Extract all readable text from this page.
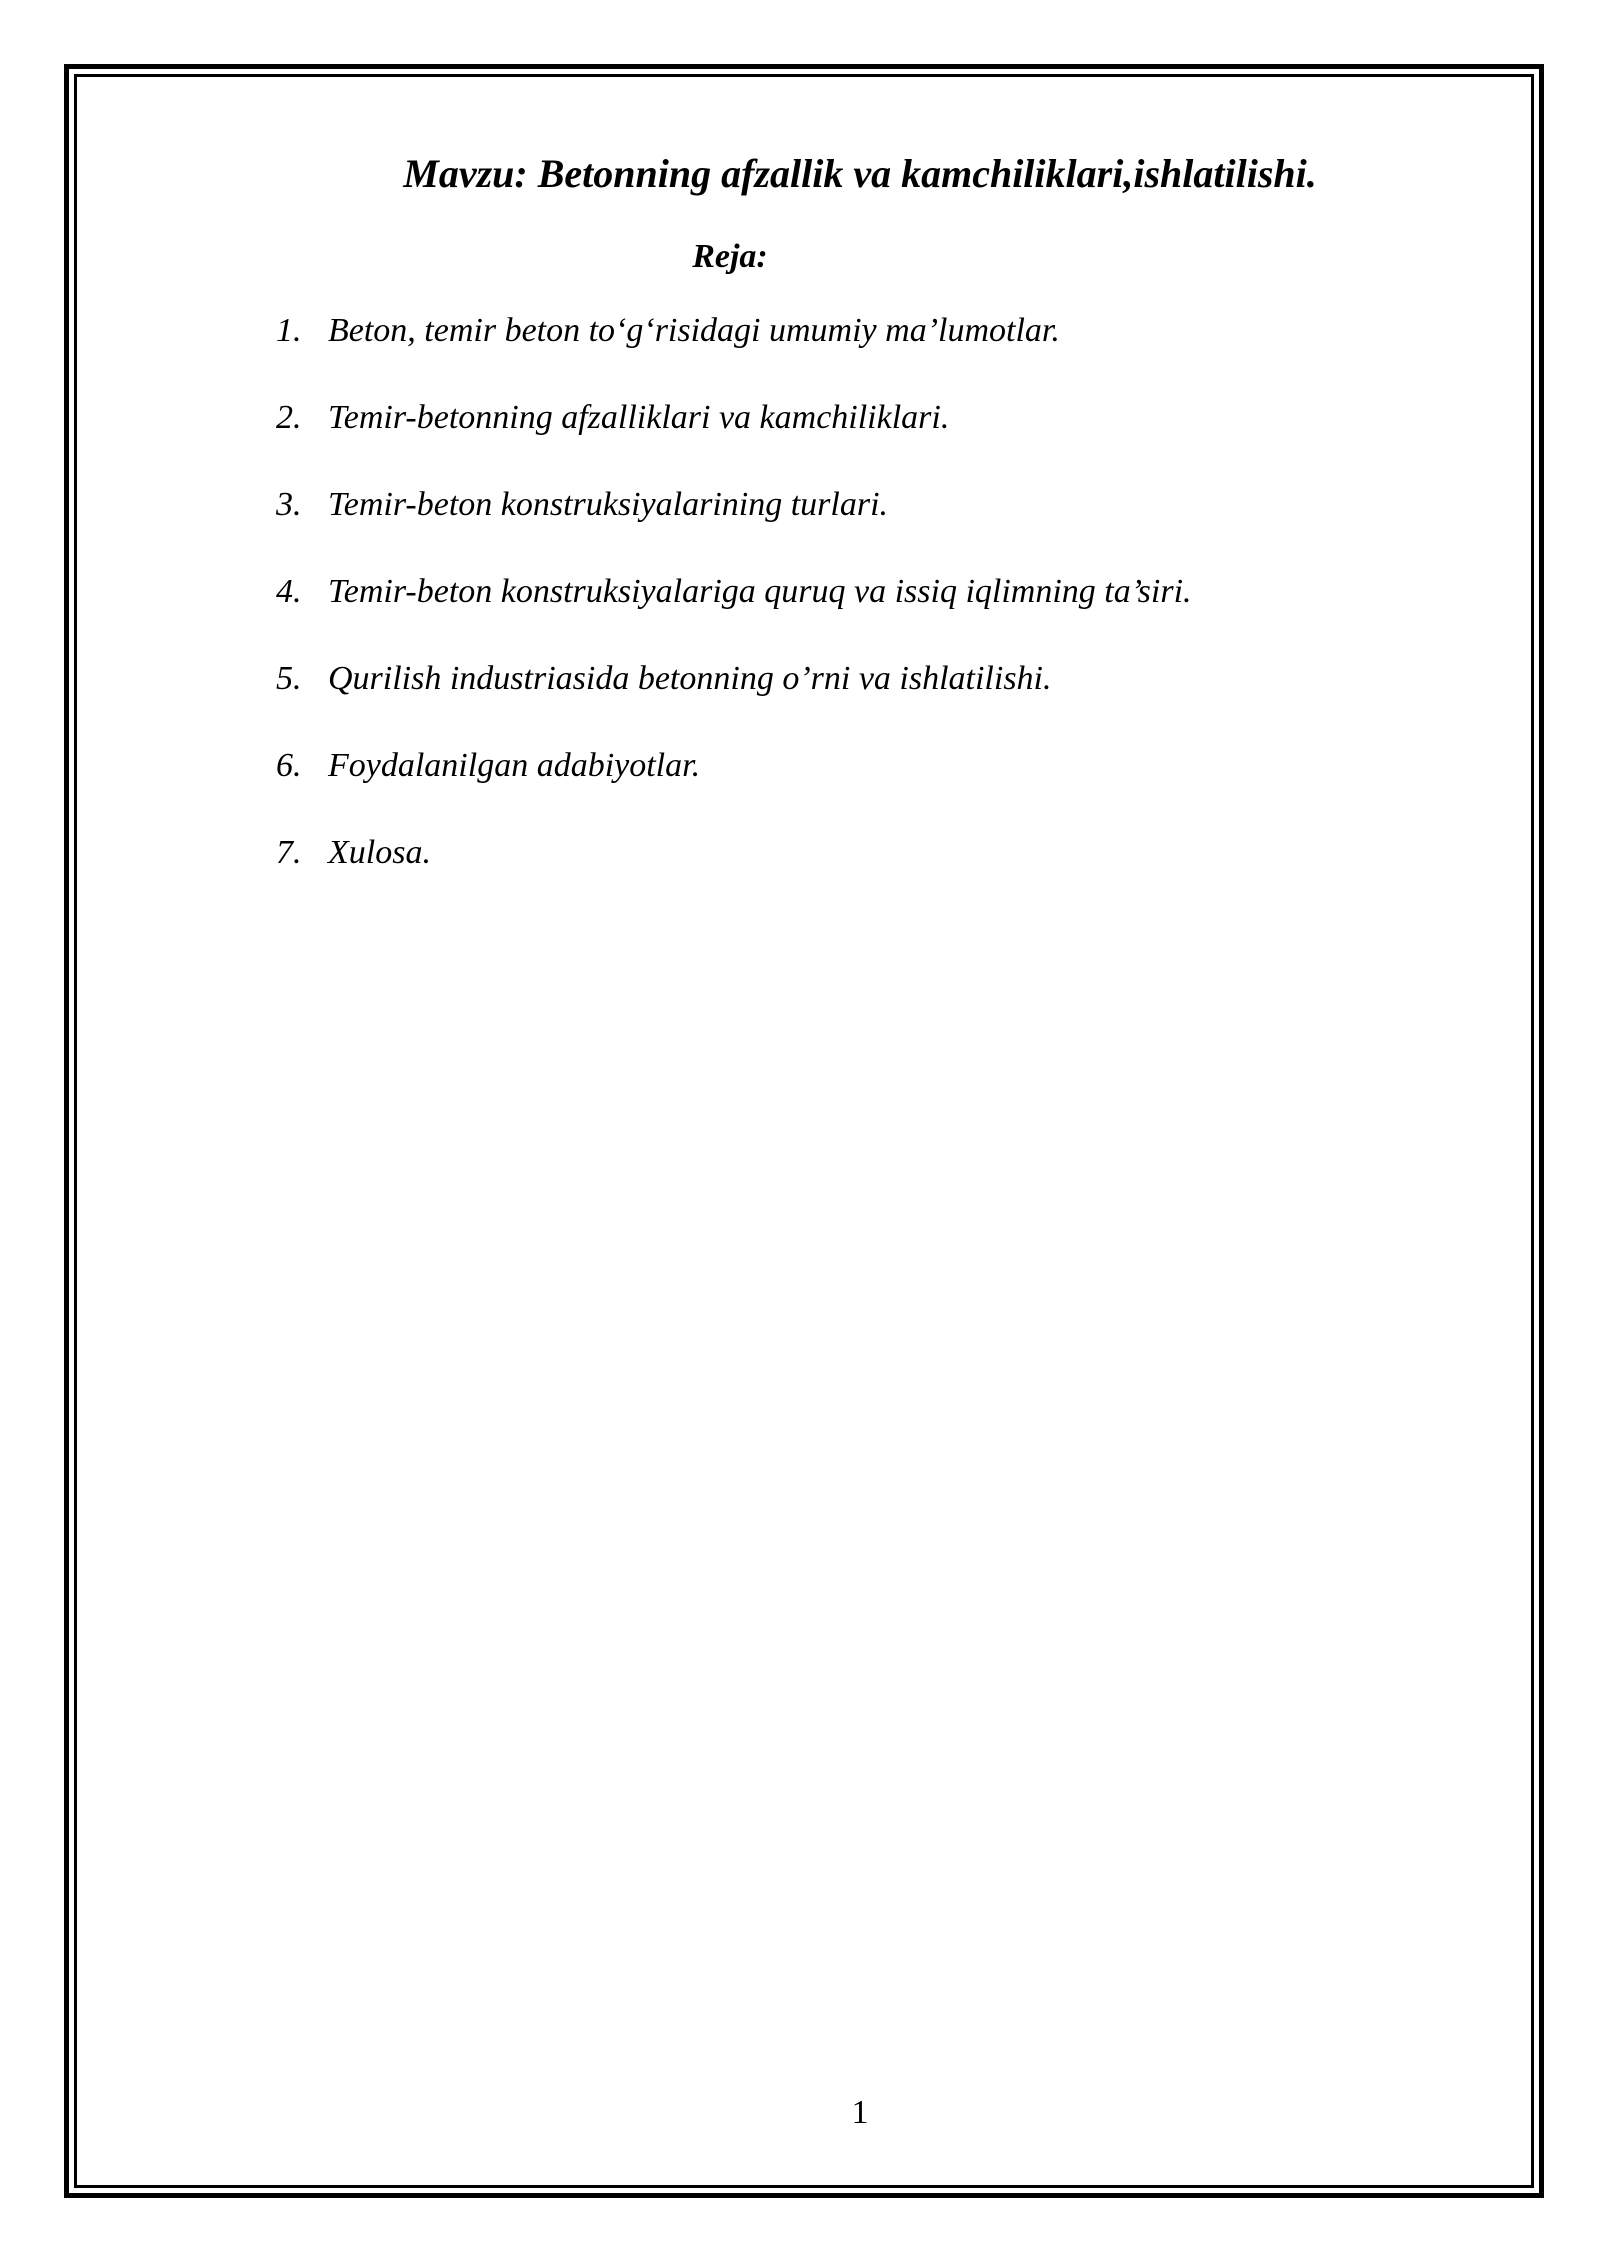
Mavzu: Betonning afzallik va kamchiliklari,ishlatilishi.
Reja:
1. Beton, temir beton to‘g‘risidagi umumiy ma’lumotlar.
2. Temir-betonning afzalliklari va kamchiliklari.
3. Temir-beton konstruksiyalarining turlari.
4. Temir-beton konstruksiyalariga quruq va issiq iqlimning ta’siri.
5. Qurilish industriasida betonning o’rni va ishlatilishi.
6. Foydalanilgan adabiyotlar.
7. Xulosa.
1
